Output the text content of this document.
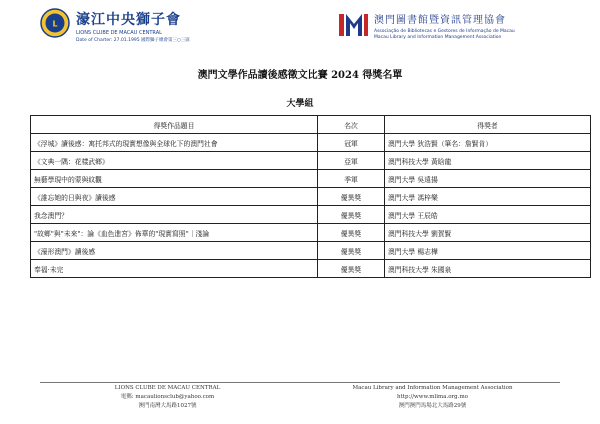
L 濠江中央獅子會
LIONS CLUBE DE MACAU CENTRAL
Date of Charter: 27.01.1995 國際獅子總會第三○三區
澳門圖書館暨資訊管理協會
Associação de Bibliotecas e Gestores de Informação de Macau
Macau Library and Information Management Association
澳門文學作品讀後感徵文比賽 2024 得獎名單
大學組
得獎作品題目	名次	得獎者
《浮城》讀後感：寓托邦式的現實想像與全球化下的澳門社會	冠軍	澳門大學 狄浩賢（筆名：詹賢肯）
《文典一隅：花樣武鄉》	亞軍	澳門科技大學 黃晗龍
無藝學現中的蒙與紋觀	季軍	澳門大學 吳遠揚
《誰忘她的日與夜》讀後感	優異獎	澳門大學 馮梓樂
我念澳門？	優異獎	澳門大學 王辰皓
"故鄉"與"未來"：論《血色進宮》佈華的"現實寫照"｜淺論	優異獎	澳門科技大學 劉賀賢
《濠形澳門》讀後感	優異獎	澳門大學 楊志樺
奉福·未完	優異獎	澳門科技大學 朱國泉
LIONS CLUBE DE MACAU CENTRAL
電郵: macaulionsclub@yahoo.com
澳門南灣大馬路1027號
Macau Library and Information Management Association
http://www.mlima.org.mo
澳門澳門馬場北大馬路29號
